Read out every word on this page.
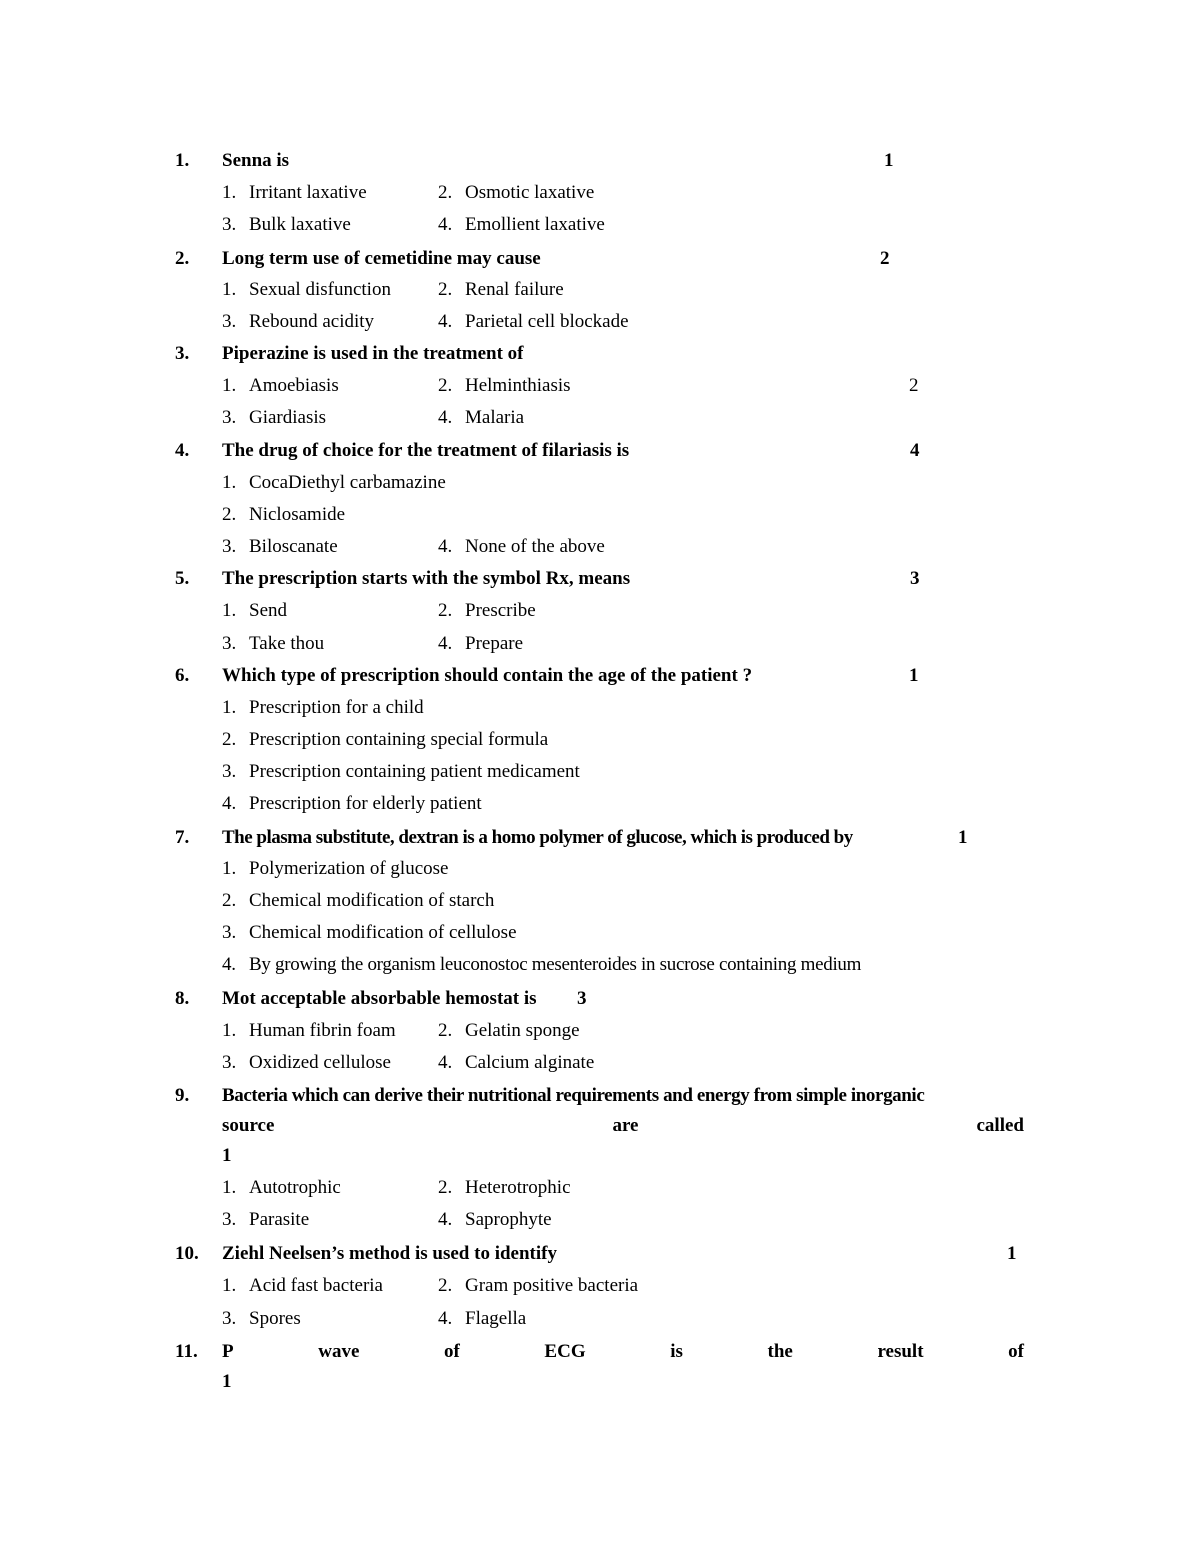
1. Senna is	1
1. Irritant laxative	2. Osmotic laxative
3. Bulk laxative	4. Emollient laxative
2. Long term use of cemetidine may cause	2
1. Sexual disfunction 2. Renal failure
3. Rebound acidity	4. Parietal cell blockade
3. Piperazine is used in the treatment of
1. Amoebiasis	2. Helminthiasis	2
3. Giardiasis	4. Malaria
4. The drug of choice for the treatment of filariasis is	4
1. CocaDiethyl carbamazine
2. Niclosamide
3. Biloscanate	4. None of the above
5. The prescription starts with the symbol Rx, means	3
1. Send	2. Prescribe
3. Take thou	4. Prepare
6. Which type of prescription should contain the age of the patient ?	1
1. Prescription for a child
2. Prescription containing special formula
3. Prescription containing patient medicament
4. Prescription for elderly patient
7. The plasma substitute, dextran is a homo polymer of glucose, which is produced by	1
1. Polymerization of glucose
2. Chemical modification of starch
3. Chemical modification of cellulose
4. By growing the organism leuconostoc mesenteroides in sucrose containing medium
8. Mot acceptable absorbable hemostat is 3
1. Human fibrin foam 2. Gelatin sponge
3. Oxidized cellulose 4. Calcium alginate
9. Bacteria which can derive their nutritional requirements and energy from simple inorganic
source	are	called
1
1. Autotrophic	2. Heterotrophic
3. Parasite	4. Saprophyte
10. Ziehl Neelsen’s method is used to identify	1
1. Acid fast bacteria	2. Gram positive bacteria
3. Spores	4. Flagella
11. P	wave	of	ECG	is	the	result	of
1
